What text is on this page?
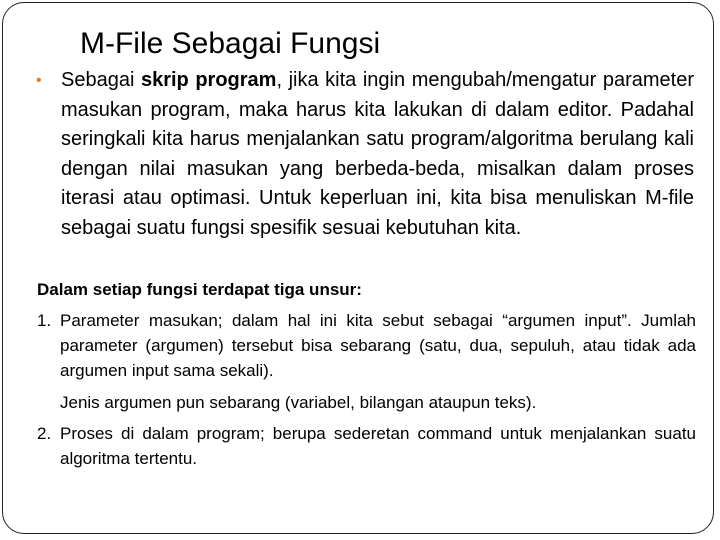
M-File Sebagai Fungsi
• Sebagai skrip program, jika kita ingin mengubah/mengatur parameter masukan program, maka harus kita lakukan di dalam editor. Padahal seringkali kita harus menjalankan satu program/algoritma berulang kali dengan nilai masukan yang berbeda-beda, misalkan dalam proses iterasi atau optimasi. Untuk keperluan ini, kita bisa menuliskan M-file sebagai suatu fungsi spesifik sesuai kebutuhan kita.

Dalam setiap fungsi terdapat tiga unsur:
1. Parameter masukan; dalam hal ini kita sebut sebagai “argumen input”. Jumlah parameter (argumen) tersebut bisa sebarang (satu, dua, sepuluh, atau tidak ada argumen input sama sekali).
Jenis argumen pun sebarang (variabel, bilangan ataupun teks).
2. Proses di dalam program; berupa sederetan command untuk menjalankan suatu algoritma tertentu.
